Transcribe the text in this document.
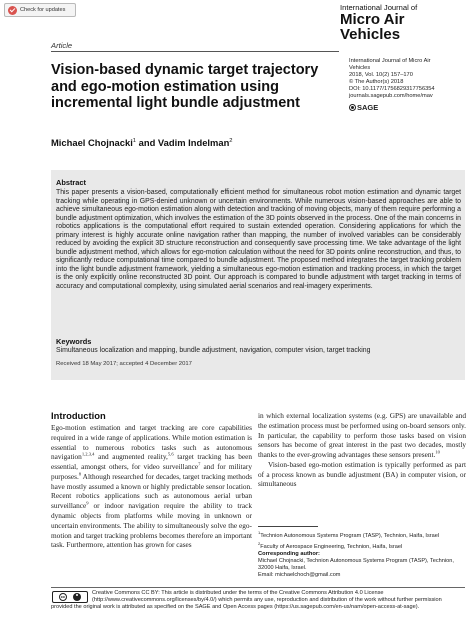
Check for updates	International Journal of
Micro Air
Vehicles
Article
Vision-based dynamic target trajectory and ego-motion estimation using incremental light bundle adjustment
International Journal of Micro Air
Vehicles
2018, Vol. 10(2) 157–170
© The Author(s) 2018
DOI: 10.1177/1756829317756354
journals.sagepub.com/home/mav
SAGE
Michael Chojnacki$^1$ and Vadim Indelman$^2$
Abstract
This paper presents a vision-based, computationally efficient method for simultaneous robot motion estimation and dynamic target tracking while operating in GPS-denied unknown or uncertain environments. While numerous vision-based approaches are able to achieve simultaneous ego-motion estimation along with detection and tracking of moving objects, many of them require performing a bundle adjustment optimization, which involves the estimation of the 3D points observed in the process. One of the main concerns in robotics applications is the computational effort required to sustain extended operation. Considering applications for which the primary interest is highly accurate online navigation rather than mapping, the number of involved variables can be considerably reduced by avoiding the explicit 3D structure reconstruction and consequently save processing time. We take advantage of the light bundle adjustment method, which allows for ego-motion calculation without the need for 3D points online reconstruction, and thus, to significantly reduce computational time compared to bundle adjustment. The proposed method integrates the target tracking problem into the light bundle adjustment framework, yielding a simultaneous ego-motion estimation and tracking process, in which the target is the only explicitly online reconstructed 3D point. Our approach is compared to bundle adjustment with target tracking in terms of accuracy and computational complexity, using simulated aerial scenarios and real-imagery experiments.
Keywords
Simultaneous localization and mapping, bundle adjustment, navigation, computer vision, target tracking
Received 18 May 2017; accepted 4 December 2017
Introduction
Ego-motion estimation and target tracking are core capabilities required in a wide range of applications. While motion estimation is essential to numerous robotics tasks such as autonomous navigation$^{1,2,3,4}$ and augmented reality,$^{5,6}$ target tracking has been essential, amongst others, for video surveillance$^7$ and for military purposes.$^8$ Although researched for decades, target tracking methods have mostly assumed a known or highly predictable sensor location. Recent robotics applications such as autonomous aerial urban surveillance$^9$ or indoor navigation require the ability to track dynamic objects from platforms while moving in unknown or uncertain environments. The ability to simultaneously solve the ego-motion and target tracking problems becomes therefore an important task. Furthermore, attention has grown for cases
in which external localization systems (e.g. GPS) are unavailable and the estimation process must be performed using on-board sensors only. In particular, the capability to perform those tasks based on vision sensors has become of great interest in the past two decades, mostly thanks to the ever-growing advantages these sensors present.$^{10}$
Vision-based ego-motion estimation is typically performed as part of a process known as bundle adjustment (BA) in computer vision, or simultaneous
$^1$Technion Autonomous Systems Program (TASP), Technion, Haifa, Israel
$^2$Faculty of Aerospace Engineering, Technion, Haifa, Israel
Corresponding author:
Michael Chojnacki, Technion Autonomous Systems Program (TASP), Technion, 32000 Haifa, Israel.
Email: michaelchoch@gmail.com
cc
Creative Commons CC BY: This article is distributed under the terms of the Creative Commons Attribution 4.0 License (http://www.creativecommons.org/licenses/by/4.0/) which permits any use, reproduction and distribution of the work without further permission
provided the original work is attributed as specified on the SAGE and Open Access pages (https://us.sagepub.com/en-us/nam/open-access-at-sage).
